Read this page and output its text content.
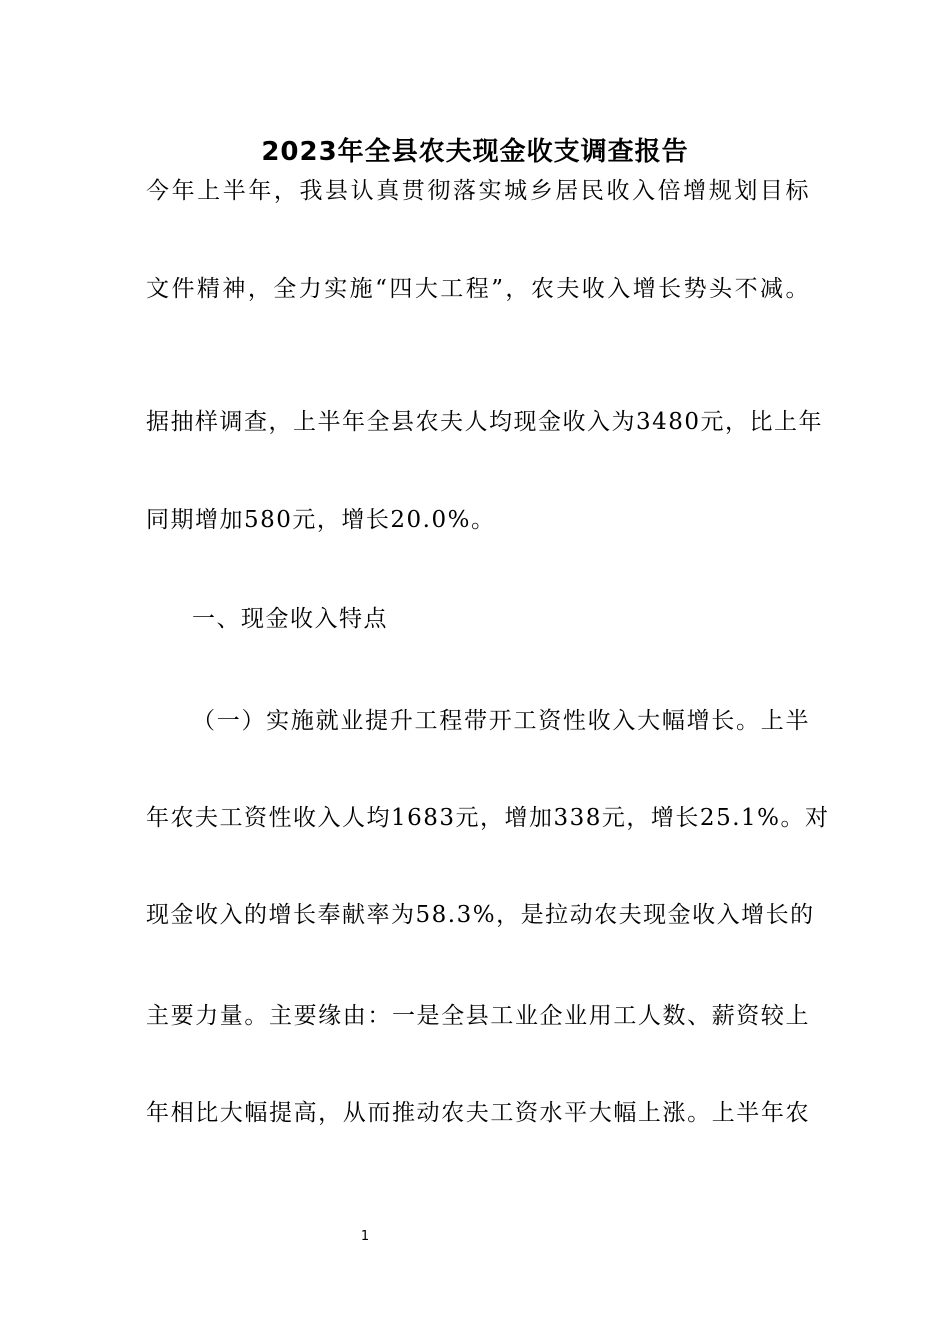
2023年全县农夫现金收支调查报告
今年上半年，我县认真贯彻落实城乡居民收入倍增规划目标
文件精神，全力实施“四大工程”，农夫收入增长势头不减。
据抽样调查，上半年全县农夫人均现金收入为3480元，比上年
同期增加580元，增长20.0%。
一、现金收入特点
（一）实施就业提升工程带开工资性收入大幅增长。上半
年农夫工资性收入人均1683元，增加338元，增长25.1%。对
现金收入的增长奉献率为58.3%，是拉动农夫现金收入增长的
主要力量。主要缘由：一是全县工业企业用工人数、薪资较上
年相比大幅提高，从而推动农夫工资水平大幅上涨。上半年农
1
